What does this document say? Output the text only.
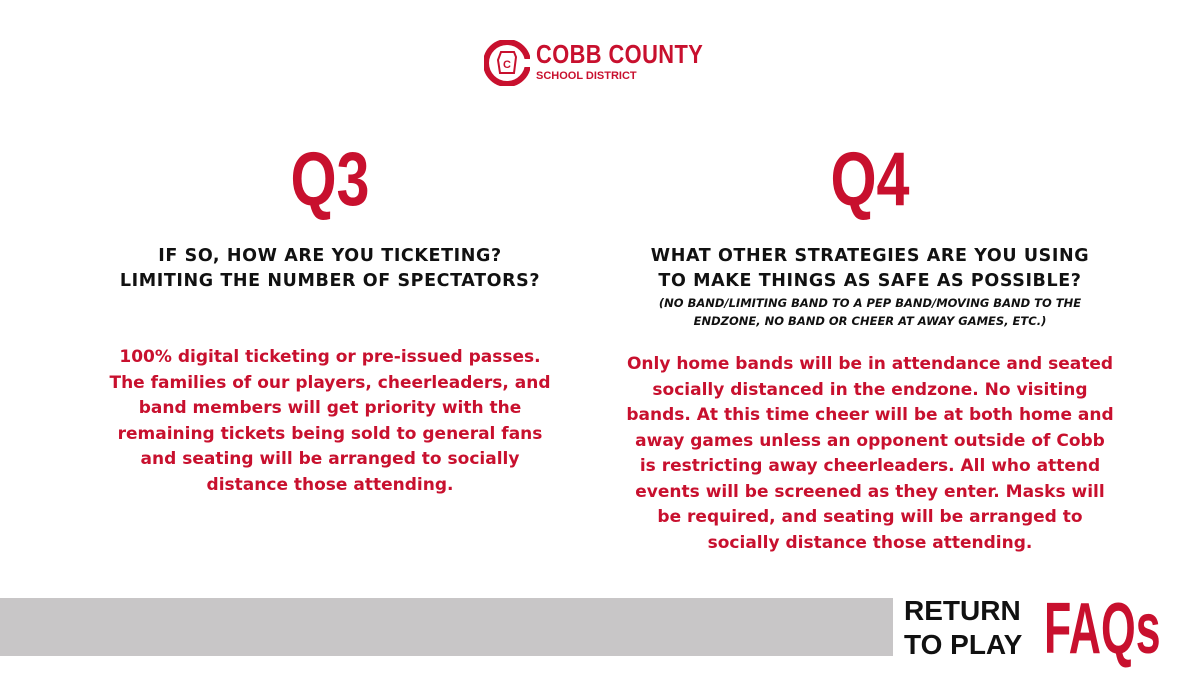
C COBB COUNTY
SCHOOL DISTRICT
Q3
IF SO, HOW ARE YOU TICKETING?
LIMITING THE NUMBER OF SPECTATORS?
100% digital ticketing or pre-issued passes.
The families of our players, cheerleaders, and
band members will get priority with the
remaining tickets being sold to general fans
and seating will be arranged to socially
distance those attending.
Q4
WHAT OTHER STRATEGIES ARE YOU USING
TO MAKE THINGS AS SAFE AS POSSIBLE?
(NO BAND/LIMITING BAND TO A PEP BAND/MOVING BAND TO THE
ENDZONE, NO BAND OR CHEER AT AWAY GAMES, ETC.)
Only home bands will be in attendance and seated
socially distanced in the endzone. No visiting
bands. At this time cheer will be at both home and
away games unless an opponent outside of Cobb
is restricting away cheerleaders. All who attend
events will be screened as they enter. Masks will
be required, and seating will be arranged to
socially distance those attending.
RETURN
TO PLAY FAQs
